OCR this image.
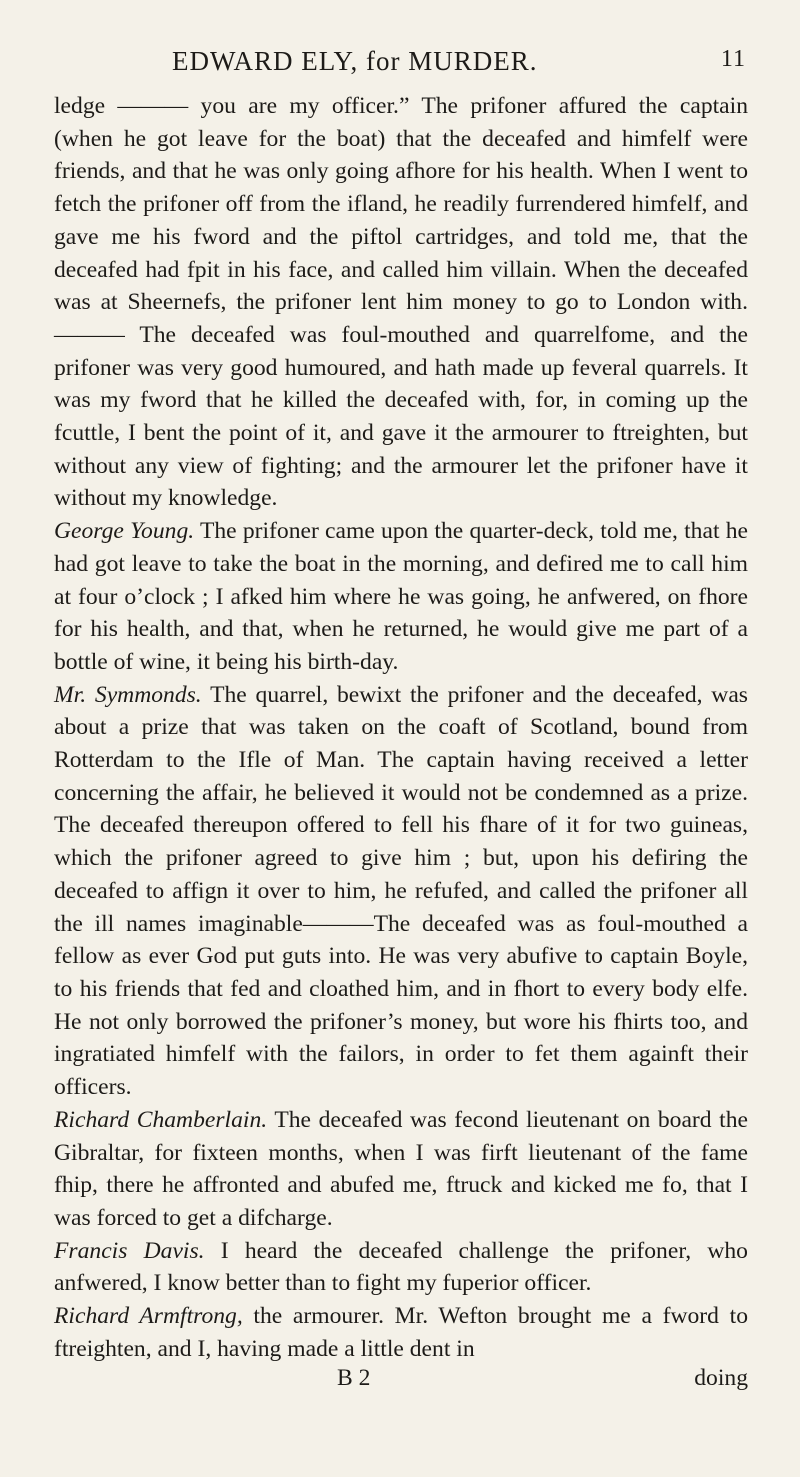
EDWARD ELY, for MURDER.	11

ledge ——— you are my officer.” The prifoner affured the captain (when he got leave for the boat) that the deceafed and himfelf were friends, and that he was only going afhore for his health. When I went to fetch the prifoner off from the ifland, he readily furrendered himfelf, and gave me his fword and the piftol cartridges, and told me, that the deceafed had fpit in his face, and called him villain. When the deceafed was at Sheernefs, the prifoner lent him money to go to London with.——— The deceafed was foul-mouthed and quarrelfome, and the prifoner was very good humoured, and hath made up feveral quarrels. It was my fword that he killed the deceafed with, for, in coming up the fcuttle, I bent the point of it, and gave it the armourer to ftreighten, but without any view of fighting; and the armourer let the prifoner have it without my knowledge.

George Young. The prifoner came upon the quarter-deck, told me, that he had got leave to take the boat in the morning, and defired me to call him at four o’clock ; I afked him where he was going, he anfwered, on fhore for his health, and that, when he returned, he would give me part of a bottle of wine, it being his birth-day.

Mr. Symmonds. The quarrel, bewixt the prifoner and the deceafed, was about a prize that was taken on the coaft of Scotland, bound from Rotterdam to the Ifle of Man. The captain having received a letter concerning the affair, he believed it would not be condemned as a prize. The deceafed thereupon offered to fell his fhare of it for two guineas, which the prifoner agreed to give him ; but, upon his defiring the deceafed to affign it over to him, he refufed, and called the prifoner all the ill names imaginable———The deceafed was as foul-mouthed a fellow as ever God put guts into. He was very abufive to captain Boyle, to his friends that fed and cloathed him, and in fhort to every body elfe. He not only borrowed the prifoner’s money, but wore his fhirts too, and ingratiated himfelf with the failors, in order to fet them againft their officers.

Richard Chamberlain. The deceafed was fecond lieutenant on board the Gibraltar, for fixteen months, when I was firft lieutenant of the fame fhip, there he affronted and abufed me, ftruck and kicked me fo, that I was forced to get a difcharge.

Francis Davis. I heard the deceafed challenge the prifoner, who anfwered, I know better than to fight my fuperior officer.

Richard Armftrong, the armourer. Mr. Wefton brought me a fword to ftreighten, and I, having made a little dent in

B 2	doing
